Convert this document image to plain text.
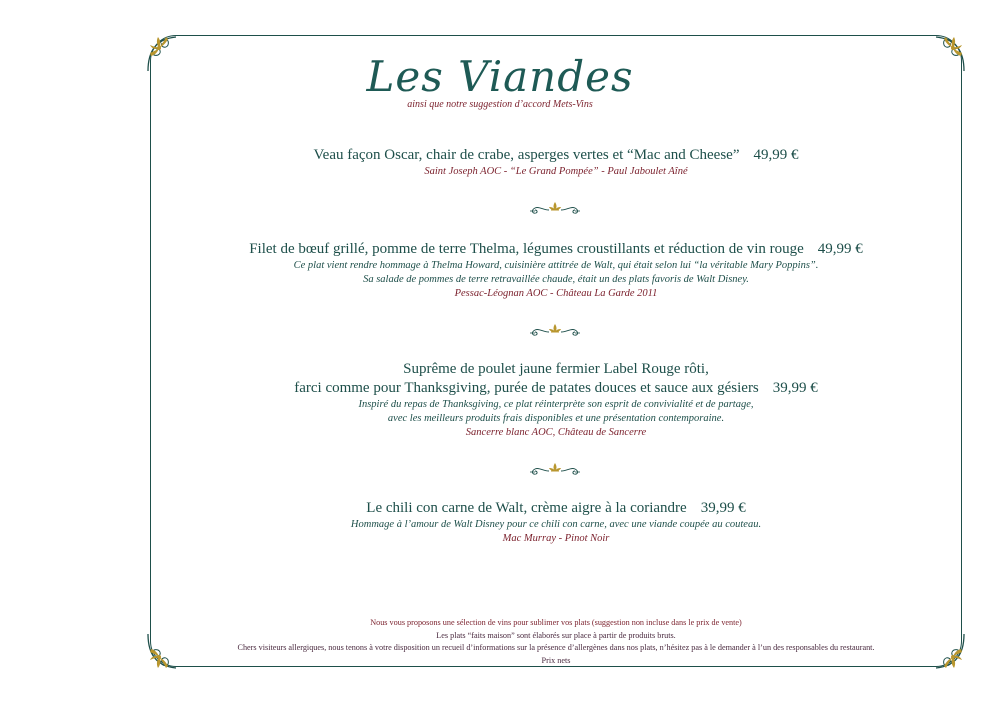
Les Viandes
ainsi que notre suggestion d’accord Mets-Vins
Veau façon Oscar, chair de crabe, asperges vertes et “Mac and Cheese” 49,99 €
Saint Joseph AOC - “Le Grand Pompée” - Paul Jaboulet Aîné
Filet de bœuf grillé, pomme de terre Thelma, légumes croustillants et réduction de vin rouge 49,99 €
Ce plat vient rendre hommage à Thelma Howard, cuisinière attitrée de Walt, qui était selon lui “la véritable Mary Poppins”.
Sa salade de pommes de terre retravaillée chaude, était un des plats favoris de Walt Disney.
Pessac-Léognan AOC - Château La Garde 2011
Suprême de poulet jaune fermier Label Rouge rôti,
farci comme pour Thanksgiving, purée de patates douces et sauce aux gésiers 39,99 €
Inspiré du repas de Thanksgiving, ce plat réinterprète son esprit de convivialité et de partage,
avec les meilleurs produits frais disponibles et une présentation contemporaine.
Sancerre blanc AOC, Château de Sancerre
Le chili con carne de Walt, crème aigre à la coriandre 39,99 €
Hommage à l’amour de Walt Disney pour ce chili con carne, avec une viande coupée au couteau.
Mac Murray - Pinot Noir
Nous vous proposons une sélection de vins pour sublimer vos plats (suggestion non incluse dans le prix de vente)
Les plats “faits maison” sont élaborés sur place à partir de produits bruts.
Chers visiteurs allergiques, nous tenons à votre disposition un recueil d’informations sur la présence d’allergènes dans nos plats, n’hésitez pas à le demander à l’un des responsables du restaurant.
Prix nets
